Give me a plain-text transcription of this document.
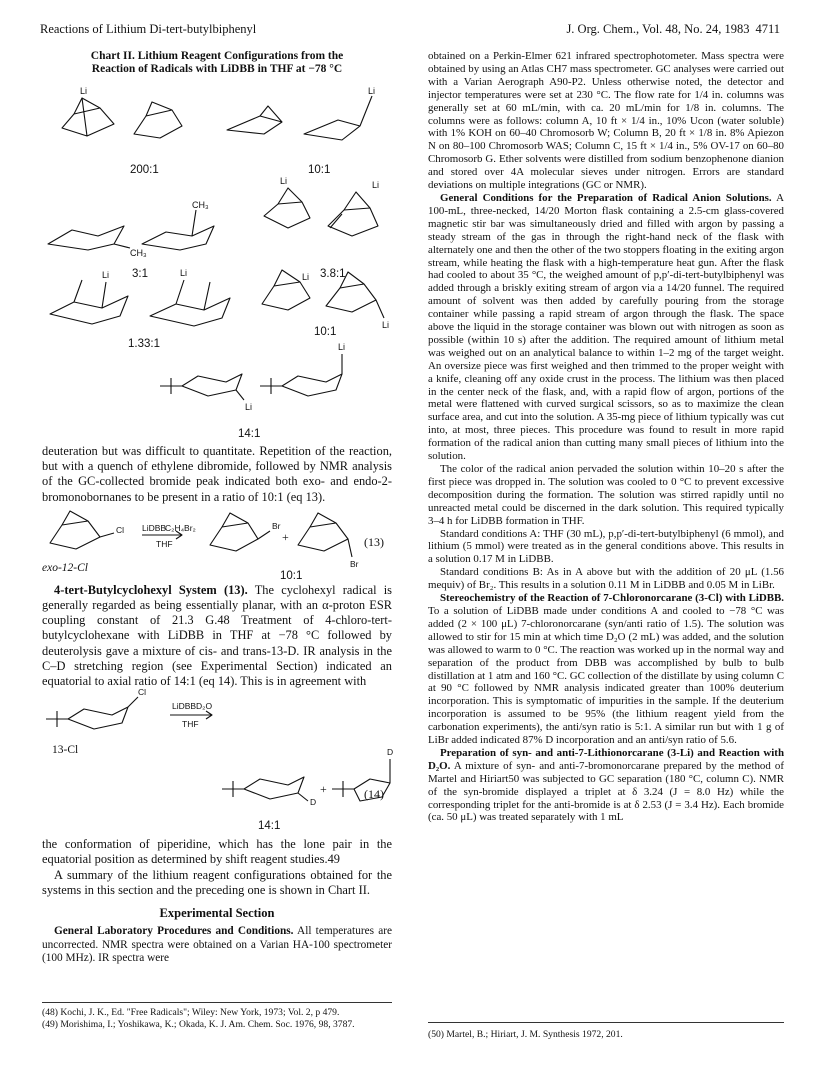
Reactions of Lithium Di-tert-butylbiphenyl	J. Org. Chem., Vol. 48, No. 24, 1983 4711
Chart II. Lithium Reagent Configurations from the
Reaction of Radicals with LiDBB in THF at −78 °C
Li	Li
CH₃
CH₃
Li	Li
Li	Li	Li
Li
Li
Li
200:1	10:1
3:1	3.8:1
1.33:1
10:1
14:1

deuteration but was difficult to quantitate. Repetition of the reaction, but with a quench of ethylene dibromide, followed by NMR analysis of the GC-collected bromide peak indicated both exo- and endo-2-bromonobornanes to be present in a ratio of 10:1 (eq 13).

Cl LiDBB
C₂H₄Br₂
THF
Br
Br
+	(13)
exo-12-Cl
10:1

4-tert-Butylcyclohexyl System (13). The cyclohexyl radical is generally regarded as being essentially planar, with an α-proton ESR coupling constant of 21.3 G.48 Treatment of 4-chloro-tert-butylcyclohexane with LiDBB in THF at −78 °C followed by deuterolysis gave a mixture of cis- and trans-13-D. IR analysis in the C–D stretching region (see Experimental Section) indicated an equatorial to axial ratio of 14:1 (eq 14). This is in agreement with

Cl
LiDBB D₂O
THF
D
D
+	(14)
13-Cl
14:1

the conformation of piperidine, which has the lone pair in the equatorial position as determined by shift reagent studies.49

A summary of the lithium reagent configurations obtained for the systems in this section and the preceding one is shown in Chart II.

Experimental Section

General Laboratory Procedures and Conditions. All temperatures are uncorrected. NMR spectra were obtained on a Varian HA-100 spectrometer (100 MHz). IR spectra were

(48) Kochi, J. K., Ed. "Free Radicals"; Wiley: New York, 1973; Vol. 2, p 479.

(49) Morishima, I.; Yoshikawa, K.; Okada, K. J. Am. Chem. Soc. 1976, 98, 3787.

obtained on a Perkin-Elmer 621 infrared spectrophotometer. Mass spectra were obtained by using an Atlas CH7 mass spectrometer. GC analyses were carried out with a Varian Aerograph A90-P2. Unless otherwise noted, the detector and injector temperatures were set at 230 °C. The flow rate for 1/4 in. columns was generally set at 60 mL/min, with ca. 20 mL/min for 1/8 in. columns. The columns were as follows: column A, 10 ft × 1/4 in., 10% Ucon (water soluble) with 1% KOH on 60–40 Chromosorb W; Column B, 20 ft × 1/8 in. 8% Apiezon N on 80–100 Chromosorb WAS; Column C, 15 ft × 1/4 in., 5% OV-17 on 60–80 Chromosorb G. Ether solvents were distilled from sodium benzophenone dianion and stored over 4A molecular sieves under nitrogen. Errors are standard deviations on multiple integrations (GC or NMR).

General Conditions for the Preparation of Radical Anion Solutions. A 100-mL, three-necked, 14/20 Morton flask containing a 2.5-cm glass-covered magnetic stir bar was simultaneously dried and filled with argon by passing a steady stream of the gas in through the right-hand neck of the flask with alternately one and then the other of the two stoppers floating in the exiting argon stream, while heating the flask with a high-temperature heat gun. After the flask had cooled to about 35 °C, the weighed amount of p,p′-di-tert-butylbiphenyl was added through a briskly exiting stream of argon via a 14/20 funnel. The required amount of solvent was then added by carefully pouring from the storage container while passing a rapid stream of argon through the flask. The space above the liquid in the storage container was blown out with nitrogen as soon as possible (within 10 s) after the addition. The required amount of lithium metal was weighed out on an analytical balance to within 1–2 mg of the target weight. An oversize piece was first weighed and then trimmed to the proper weight with a knife, cleaning off any oxide crust in the process. The lithium was then placed in the center neck of the flask, and, with a rapid flow of argon, portions of the metal were flattened with curved surgical scissors, so as to maximize the clean surface area, and cut into the solution. A 35-mg piece of lithium typically was cut into, at most, three pieces. This procedure was found to result in more rapid formation of the radical anion than cutting many small pieces of lithium into the solution.

The color of the radical anion pervaded the solution within 10–20 s after the first piece was dropped in. The solution was cooled to 0 °C to prevent excessive decomposition during the formation. The solution was stirred rapidly until no unreacted metal could be discerned in the dark solution. This required typically 3–4 h for LiDBB formation in THF.

Standard conditions A: THF (30 mL), p,p′-di-tert-butylbiphenyl (6 mmol), and lithium (5 mmol) were treated as in the general conditions above. This results in a solution 0.17 M in LiDBB.

Standard conditions B: As in A above but with the addition of 20 μL (1.56 mequiv) of Br₂. This results in a solution 0.11 M in LiDBB and 0.05 M in LiBr.

Stereochemistry of the Reaction of 7-Chloronorcarane (3-Cl) with LiDBB. To a solution of LiDBB made under conditions A and cooled to −78 °C was added (2 × 100 μL) 7-chloronorcarane (syn/anti ratio of 1.5). The solution was allowed to stir for 15 min at which time D₂O (2 mL) was added, and the solution was allowed to warm to 0 °C. The reaction was worked up in the normal way and separation of the product from DBB was accomplished by bulb to bulb distillation at 1 atm and 160 °C. GC collection of the distillate by using column C at 90 °C followed by NMR analysis indicated greater than 100% deuterium incorporation. This is symptomatic of impurities in the sample. If the deuterium incorporation is assumed to be 95% (the lithium reagent yield from the carbonation experiments), the anti/syn ratio is 5:1. A similar run but with 1 g of LiBr added indicated 87% D incorporation and an anti/syn ratio of 5.6.

Preparation of syn- and anti-7-Lithionorcarane (3-Li) and Reaction with D₂O. A mixture of syn- and anti-7-bromonorcarane prepared by the method of Martel and Hiriart50 was subjected to GC separation (180 °C, column C). NMR of the syn-bromide displayed a triplet at δ 3.24 (J = 8.0 Hz) while the corresponding triplet for the anti-bromide is at δ 2.53 (J = 3.4 Hz). Each bromide (ca. 50 μL) was treated separately with 1 mL

(50) Martel, B.; Hiriart, J. M. Synthesis 1972, 201.
